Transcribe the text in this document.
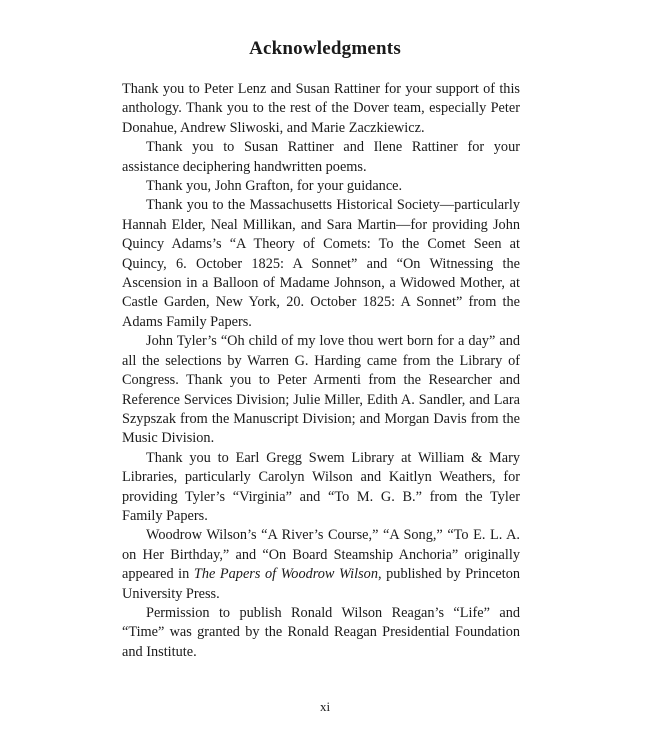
Acknowledgments

Thank you to Peter Lenz and Susan Rattiner for your support of this anthology. Thank you to the rest of the Dover team, especially Peter Donahue, Andrew Sliwoski, and Marie Zaczkiewicz.

Thank you to Susan Rattiner and Ilene Rattiner for your assistance deciphering handwritten poems.

Thank you, John Grafton, for your guidance.

Thank you to the Massachusetts Historical Society—particularly Hannah Elder, Neal Millikan, and Sara Martin—for providing John Quincy Adams’s “A Theory of Comets: To the Comet Seen at Quincy, 6. October 1825: A Sonnet” and “On Witnessing the Ascension in a Balloon of Madame Johnson, a Widowed Mother, at Castle Garden, New York, 20. October 1825: A Sonnet” from the Adams Family Papers.

John Tyler’s “Oh child of my love thou wert born for a day” and all the selections by Warren G. Harding came from the Library of Congress. Thank you to Peter Armenti from the Researcher and Reference Services Division; Julie Miller, Edith A. Sandler, and Lara Szypszak from the Manuscript Division; and Morgan Davis from the Music Division.

Thank you to Earl Gregg Swem Library at William & Mary Libraries, particularly Carolyn Wilson and Kaitlyn Weathers, for providing Tyler’s “Virginia” and “To M. G. B.” from the Tyler Family Papers.

Woodrow Wilson’s “A River’s Course,” “A Song,” “To E. L. A. on Her Birthday,” and “On Board Steamship Anchoria” originally appeared in The Papers of Woodrow Wilson, published by Princeton University Press.

Permission to publish Ronald Wilson Reagan’s “Life” and “Time” was granted by the Ronald Reagan Presidential Foundation and Institute.

xi
